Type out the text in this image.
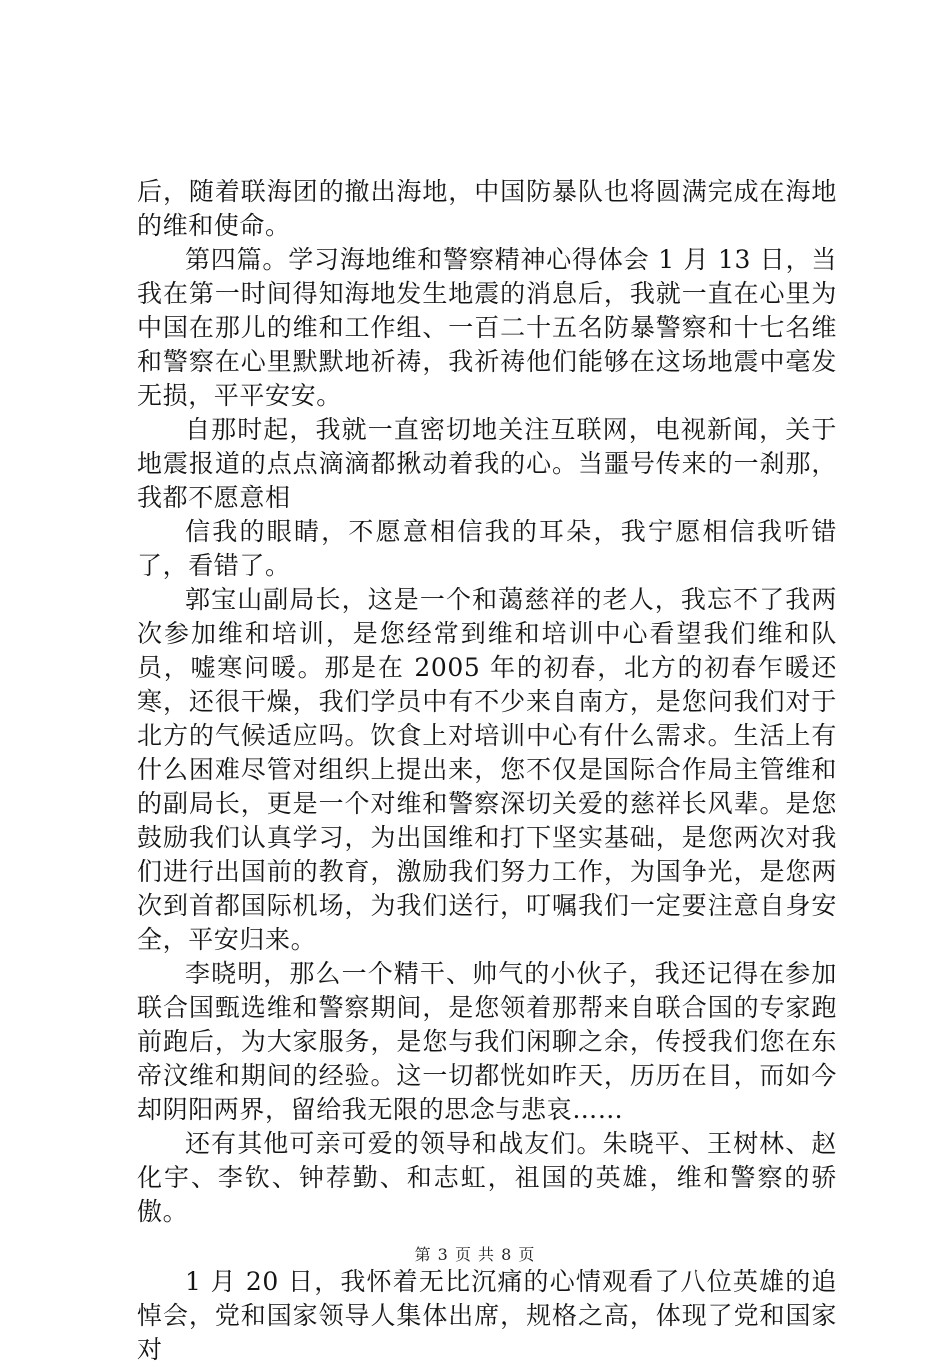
后，随着联海团的撤出海地，中国防暴队也将圆满完成在海地的维和使命。

第四篇。学习海地维和警察精神心得体会 1 月 13 日，当我在第一时间得知海地发生地震的消息后，我就一直在心里为中国在那儿的维和工作组、一百二十五名防暴警察和十七名维和警察在心里默默地祈祷，我祈祷他们能够在这场地震中毫发无损，平平安安。

自那时起，我就一直密切地关注互联网，电视新闻，关于地震报道的点点滴滴都揪动着我的心。当噩号传来的一刹那，我都不愿意相

信我的眼睛，不愿意相信我的耳朵，我宁愿相信我听错了，看错了。

郭宝山副局长，这是一个和蔼慈祥的老人，我忘不了我两次参加维和培训，是您经常到维和培训中心看望我们维和队员，嘘寒问暖。那是在 2005 年的初春，北方的初春乍暖还寒，还很干燥，我们学员中有不少来自南方，是您问我们对于北方的气候适应吗。饮食上对培训中心有什么需求。生活上有什么困难尽管对组织上提出来，您不仅是国际合作局主管维和的副局长，更是一个对维和警察深切关爱的慈祥长风辈。是您鼓励我们认真学习，为出国维和打下坚实基础，是您两次对我们进行出国前的教育，激励我们努力工作，为国争光，是您两次到首都国际机场，为我们送行，叮嘱我们一定要注意自身安全，平安归来。

李晓明，那么一个精干、帅气的小伙子，我还记得在参加联合国甄选维和警察期间，是您领着那帮来自联合国的专家跑前跑后，为大家服务，是您与我们闲聊之余，传授我们您在东帝汶维和期间的经验。这一切都恍如昨天，历历在目，而如今却阴阳两界，留给我无限的思念与悲哀……

还有其他可亲可爱的领导和战友们。朱晓平、王树林、赵化宇、李钦、钟荐勤、和志虹，祖国的英雄，维和警察的骄傲。

1 月 20 日，我怀着无比沉痛的心情观看了八位英雄的追悼会，党和国家领导人集体出席，规格之高，体现了党和国家对

第 3 页 共 8 页
